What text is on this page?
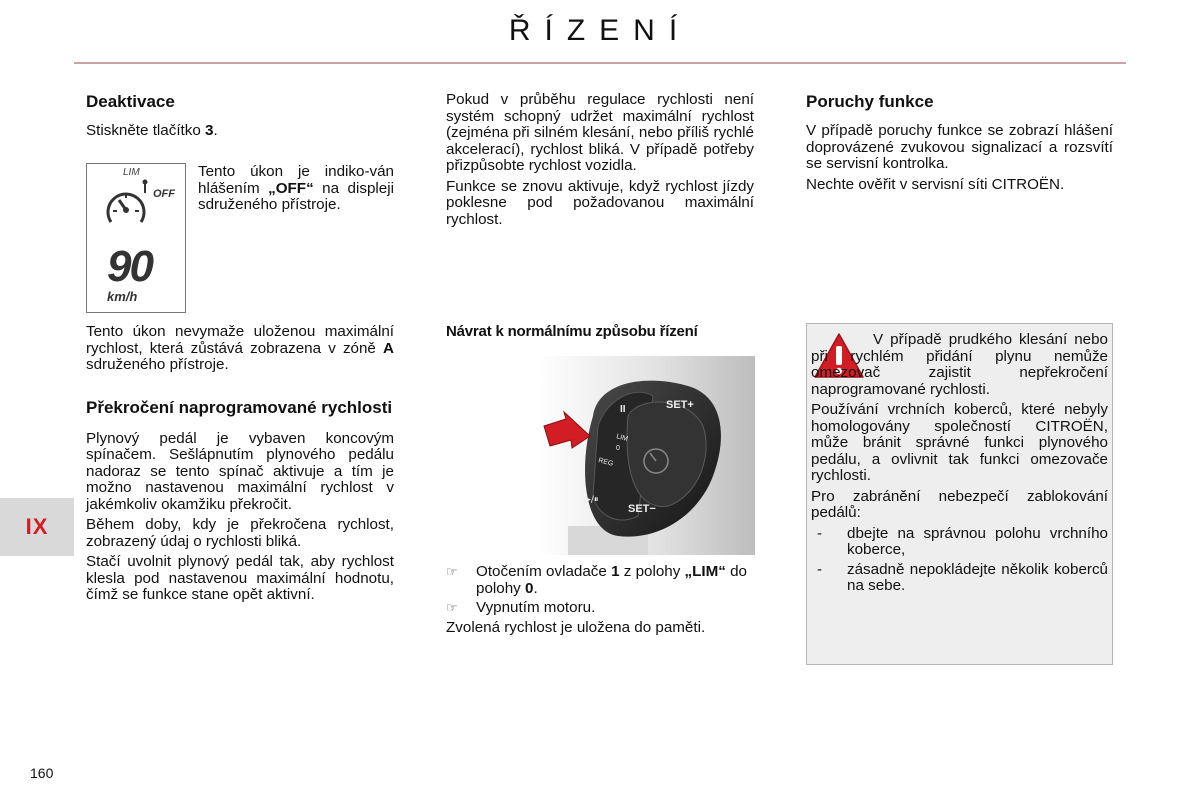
ŘÍZENÍ
Deaktivace

Stiskněte tlačítko 3.

LIM
OFF
90
km/h

Tento úkon je indiko-ván hlášením „OFF“ na displeji sdruženého přístroje.

Tento úkon nevymaže uloženou maximální rychlost, která zůstává zobrazena v zóně A sdruženého přístroje.

Překročení naprogramované rychlosti

Plynový pedál je vybaven koncovým spínačem. Sešlápnutím plynového pedálu nadoraz se tento spínač aktivuje a tím je možno nastavenou maximální rychlost v jakémkoliv okamžiku překročit.

Během doby, kdy je překročena rychlost, zobrazený údaj o rychlosti bliká.

Stačí uvolnit plynový pedál tak, aby rychlost klesla pod nastavenou maximální hodnotu, čímž se funkce stane opět aktivní.

Pokud v průběhu regulace rychlosti není systém schopný udržet maximální rychlost (zejména při silném klesání, nebo příliš rychlé akcelerací), rychlost bliká. V případě potřeby přizpůsobte rychlost vozidla.

Funkce se znovu aktivuje, když rychlost jízdy poklesne pod požadovanou maximální rychlost.

Návrat k normálnímu způsobu řízení
SET+
II
LIM
0
REG
▶/⏸
SET−
☞ Otočením ovladače 1 z polohy „LIM“ do polohy 0.
☞ Vypnutím motoru.

Zvolená rychlost je uložena do paměti.

Poruchy funkce

V případě poruchy funkce se zobrazí hlášení doprovázené zvukovou signalizací a rozsvítí se servisní kontrolka.

Nechte ověřit v servisní síti CITROËN.

V případě prudkého klesání nebo při rychlém přidání plynu nemůže omezovač zajistit nepřekročení naprogramované rychlosti.

Používání vrchních koberců, které nebyly homologovány společností CITROËN, může bránit správné funkci plynového pedálu, a ovlivnit tak funkci omezovače rychlosti.

Pro zabránění nebezpečí zablokování pedálů:

- dbejte na správnou polohu vrchního koberce,
- zásadně nepokládejte několik koberců na sebe.
IX
160
